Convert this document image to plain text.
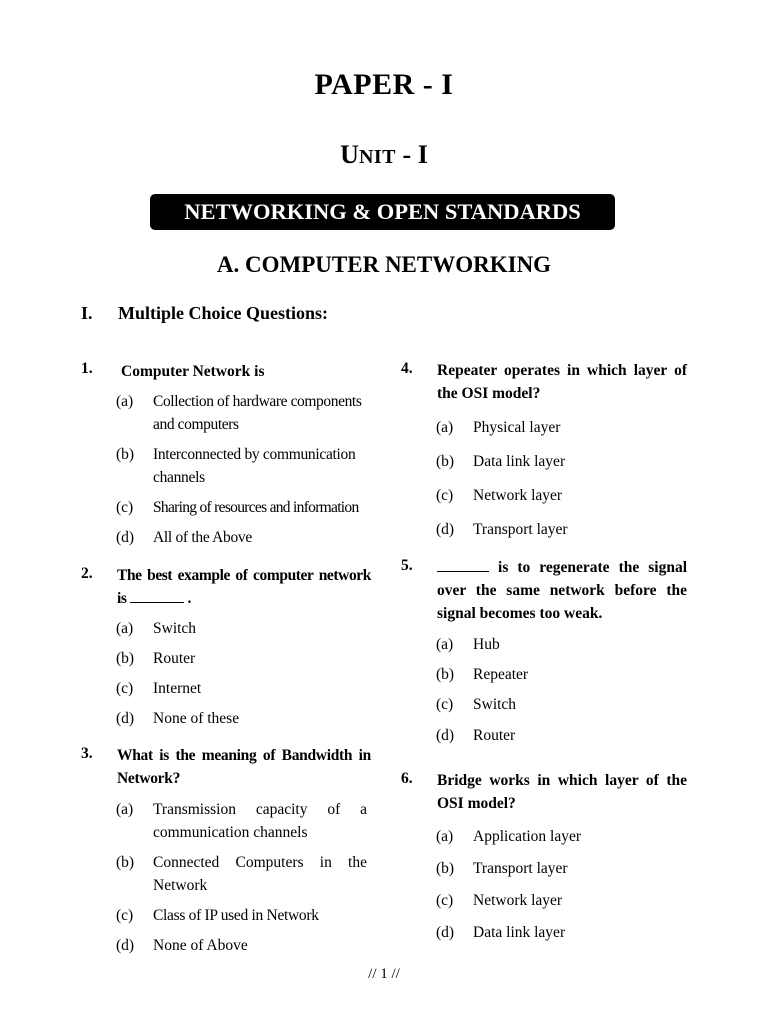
PAPER - I
UNIT - I
NETWORKING & OPEN STANDARDS
A. COMPUTER NETWORKING
I. Multiple Choice Questions:
1. Computer Network is
(a) Collection of hardware components and computers
(b) Interconnected by communication channels
(c) Sharing of resources and information
(d) All of the Above
2. The best example of computer network is	.
(a) Switch
(b) Router
(c) Internet
(d) None of these
3. What is the meaning of Bandwidth in Network?
(a) Transmission capacity of a communication channels
(b) Connected Computers in the Network
(c) Class of IP used in Network
(d) None of Above
4. Repeater operates in which layer of the OSI model?
(a) Physical layer
(b) Data link layer
(c) Network layer
(d) Transport layer
5.	is to regenerate the signal over the same network before the signal becomes too weak.
(a) Hub
(b) Repeater
(c) Switch
(d) Router
6. Bridge works in which layer of the OSI model?
(a) Application layer
(b) Transport layer
(c) Network layer
(d) Data link layer
// 1 //
